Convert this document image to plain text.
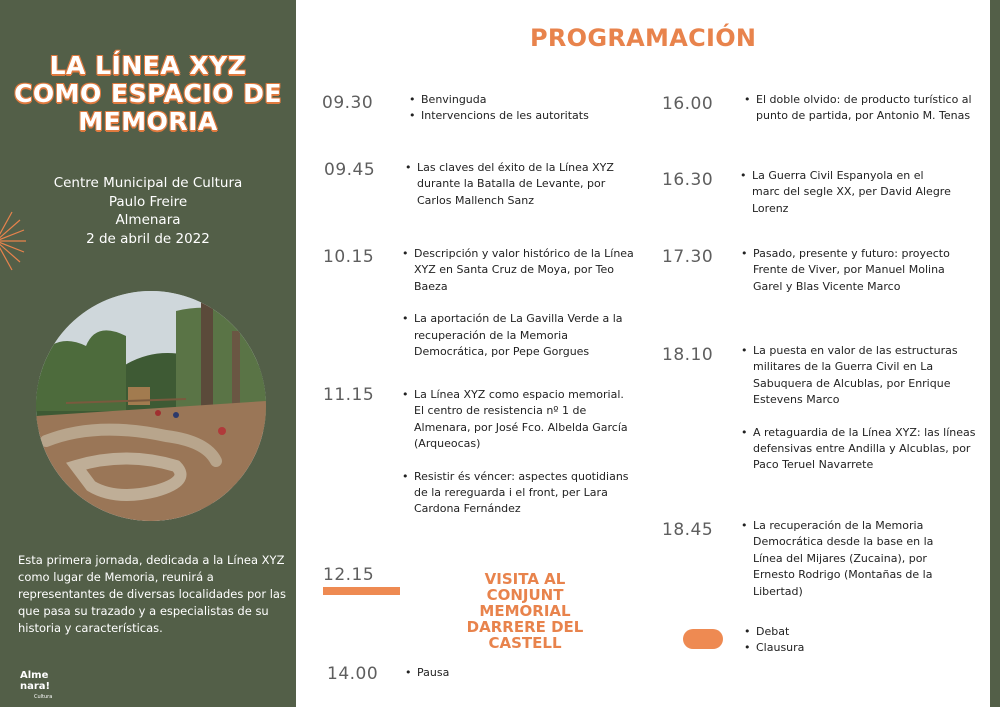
LA LÍNEA XYZ
COMO ESPACIO DE
MEMORIA
Centre Municipal de Cultura
Paulo Freire
Almenara
2 de abril de 2022
Esta primera jornada, dedicada a la Línea XYZ como lugar de Memoria, reunirá a representantes de diversas localidades por las que pasa su trazado y a especialistas de su historia y características.
Alme
nara!
Cultura
PROGRAMACIÓN
09.30	• Benvinguda
• Intervencions de les autoritats
09.45	• Las claves del éxito de la Línea XYZ durante la Batalla de Levante, por Carlos Mallench Sanz
10.15	• Descripción y valor histórico de la Línea XYZ en Santa Cruz de Moya, por Teo Baeza
• La aportación de La Gavilla Verde a la recuperación de la Memoria Democrática, por Pepe Gorgues
11.15	• La Línea XYZ como espacio memorial. El centro de resistencia nº 1 de Almenara, por José Fco. Albelda García (Arqueocas)
• Resistir és véncer: aspectes quotidians de la rereguarda i el front, per Lara Cardona Fernández
12.15	VISITA AL CONJUNT MEMORIAL DARRERE DEL CASTELL
14.00	• Pausa
16.00	• El doble olvido: de producto turístico al punto de partida, por Antonio M. Tenas
16.30	• La Guerra Civil Espanyola en el marc del segle XX, per David Alegre Lorenz
17.30	• Pasado, presente y futuro: proyecto Frente de Viver, por Manuel Molina Garel y Blas Vicente Marco
18.10	• La puesta en valor de las estructuras militares de la Guerra Civil en La Sabuquera de Alcublas, por Enrique Estevens Marco
• A retaguardia de la Línea XYZ: las líneas defensivas entre Andilla y Alcublas, por Paco Teruel Navarrete
18.45	• La recuperación de la Memoria Democrática desde la base en la Línea del Mijares (Zucaina), por Ernesto Rodrigo (Montañas de la Libertad)
• Debat
• Clausura
